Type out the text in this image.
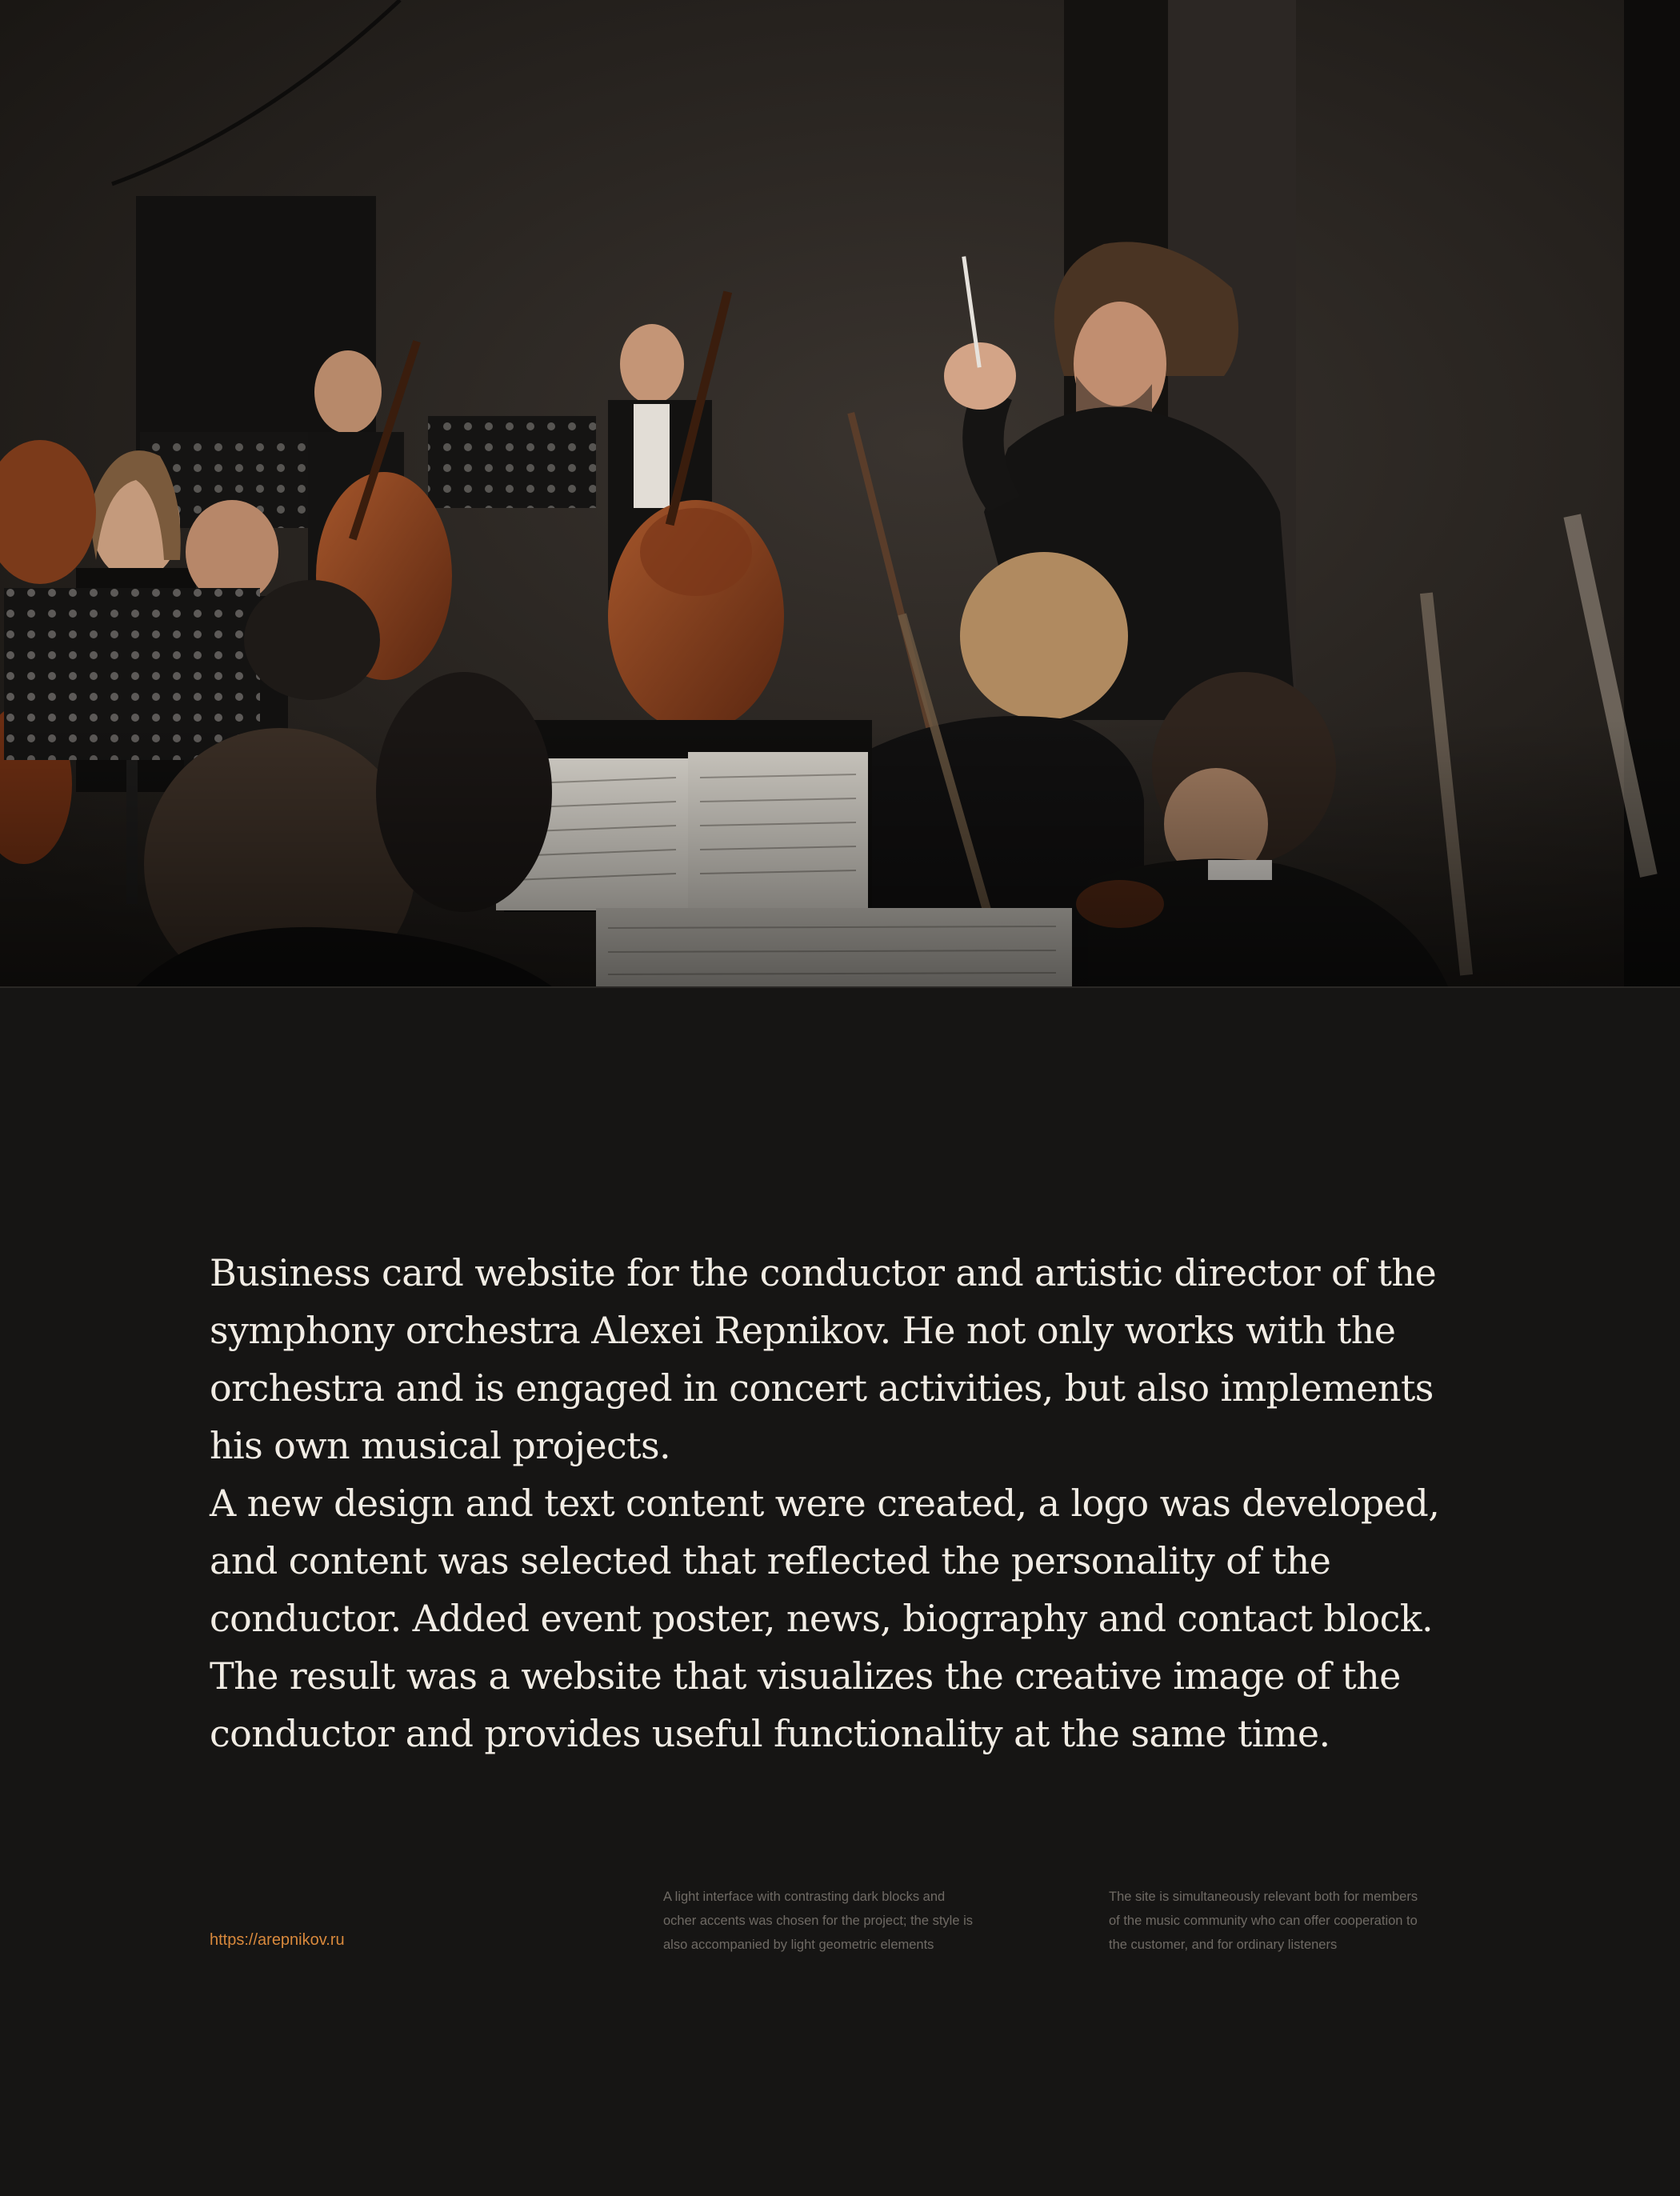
Business card website for the conductor and artistic director of the
symphony orchestra Alexei Repnikov. He not only works with the
orchestra and is engaged in concert activities, but also implements
his own musical projects.

A new design and text content were created, a logo was developed,
and content was selected that reflected the personality of the
conductor. Added event poster, news, biography and contact block.
The result was a website that visualizes the creative image of the
conductor and provides useful functionality at the same time.

https://arepnikov.ru

A light interface with contrasting dark blocks and
ocher accents was chosen for the project; the style is
also accompanied by light geometric elements

The site is simultaneously relevant both for members
of the music community who can offer cooperation to
the customer, and for ordinary listeners
